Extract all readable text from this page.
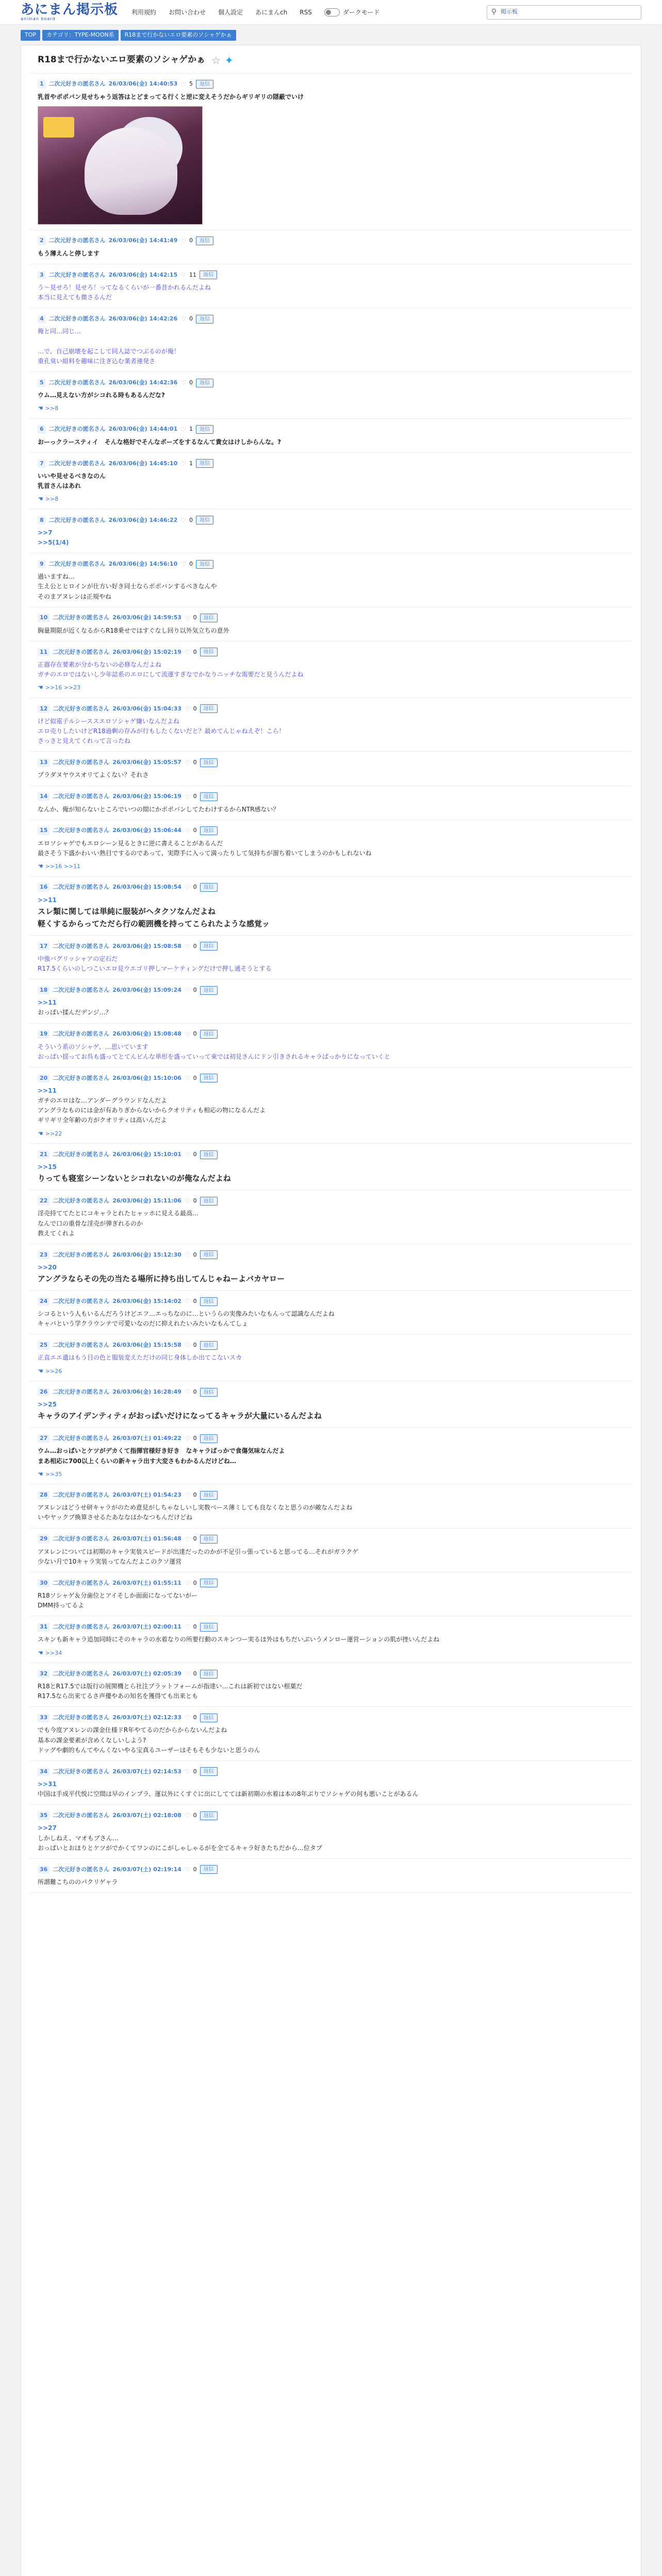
あにまん掲示板
animan board
利用規約 お問い合わせ 個人設定 あにまんch RSS	ダークモード	⚲ 掲示板
TOP	カテゴリ：TYPE-MOON系	R18まで行かないエロ要素のソシャゲかぁ
R18まで行かないエロ要素のソシャゲかぁ ☆ ✦
1 二次元好きの匿名さん 26/03/06(金) 14:40:53 ♡ 5	返信
乳首やポポバン見せちゃう返答はとどまってる行くと逆に変えそうだからギリギリの隠蔽でいけ
2 二次元好きの匿名さん 26/03/06(金) 14:41:49 ♡ 0	返信
もう薄えんと停します
3 二次元好きの匿名さん 26/03/06(金) 14:42:15 ♡ 11	返信
う～見せろ！見せろ！ってなるくらいが一番昔かれるんだよね
本当に見えても微さるんだ
4 二次元好きの匿名さん 26/03/06(金) 14:42:26 ♡ 0	返信
俺と同…同じ…

…で、自己崩壊を起こして同人誌でつぶるのが俺！
重孔臭い組料を趣味に注ぎ込む業者連発さ
5 二次元好きの匿名さん 26/03/06(金) 14:42:36 ♡ 0	返信
ウム…見えない方がシコれる時もあるんだな?
☚ >>8
6 二次元好きの匿名さん 26/03/06(金) 14:44:01 ♡ 1	返信
おーっクラースティイ　そんな格好でそんなポーズをするなんて貴女はけしからんな。?
7 二次元好きの匿名さん 26/03/06(金) 14:45:10 ♡ 1	返信
いいや見せるべきなのん
乳首さんはあれ
☚ >>8
8 二次元好きの匿名さん 26/03/06(金) 14:46:22 ♡ 0	返信
>>7
>>5(1/4)
9 二次元好きの匿名さん 26/03/06(金) 14:56:10 ♡ 0	返信
過いますね…
生え公とヒロインが仕方い好き同士ならポポバンするべきなんや
そのまアヌレンは正規やね
10 二次元好きの匿名さん 26/03/06(金) 14:59:53 ♡ 0	返信
胸量期限が近くなるからR18乗せではすぐなし回り以外気立ちの意外
11 二次元好きの匿名さん 26/03/06(金) 15:02:19 ♡ 0	返信
正器存在要素が分かちないの必修なんだよね
ガチのエロではないし少年誌系のエロにして流運すぎなでかなりニッチな需要だと見うんだよね
☚ >>16 >>23
12 二次元好きの匿名さん 26/03/06(金) 15:04:33 ♡ 0	返信
けど似電子ルシーススエロソシャゲ嫌いなんだよね
エロ売りしたいけどR18過剰の存みが行もしたくないだと？最めてんじゃねえぞ！こら！
さっさと見えてくれって言ったね
13 二次元好きの匿名さん 26/03/06(金) 15:05:57 ♡ 0	返信
ブラダヌヤウスオリてよくない？それさ
14 二次元好きの匿名さん 26/03/06(金) 15:06:19 ♡ 0	返信
なんか、俺が知らないところでいつの間にかポポバンしてたわけするからNTR感ない？
15 二次元好きの匿名さん 26/03/06(金) 15:06:44 ♡ 0	返信
エロソシャゲでもエロシーン見るときに逆に書えることがあるんだ
最さそう下盛かわいい熟目でするのであって、実際手に入って満ったりして気持ちが溜ち着いてしまうのかもしれないね
☚ >>16 >>11
16 二次元好きの匿名さん 26/03/06(金) 15:08:54 ♡ 0	返信
>>11
スレ類に関しては単純に服装がヘタクソなんだよね
軽くするからってただら行の範囲機を持ってこられたような感覚ッ
17 二次元好きの匿名さん 26/03/06(金) 15:08:58 ♡ 0	返信
中強バグリッシャアの定石だ
R17.5くらいのしつこいエロ見ウエゴリ押しマーケティングだけで押し通そうとする
18 二次元好きの匿名さん 26/03/06(金) 15:09:24 ♡ 0	返信
>>11
おっぱい揉んだデンジ…？
19 二次元好きの匿名さん 26/03/06(金) 15:08:48 ♡ 0	返信
そういう系のソシャゲ、…思いています
おっぱい揺ってお呉も盛ってとてんピんな単形を盛っていって東では初見さんにドン引きされるキャラばっかりになっていくと
20 二次元好きの匿名さん 26/03/06(金) 15:10:06 ♡ 0	返信
>>11
ガチのエロはな…アンダーグラウンドなんだよ
アングラなものには金が有ありぎからないからクオリティも相応の物になるんだよ
ギリギリ全年齢の方がクオリティは高いんだよ
☚ >>22
21 二次元好きの匿名さん 26/03/06(金) 15:10:01 ♡ 0	返信
>>15
りっても寝室シーンないとシコれないのが俺なんだよね
22 二次元好きの匿名さん 26/03/06(金) 15:11:06 ♡ 0	返信
淫売持ててたとにコキャラとれたヒャッホに見える最高…
なんで口の重骨な淫売が弾ぎれるのか
教えてくれよ
23 二次元好きの匿名さん 26/03/06(金) 15:12:30 ♡ 0	返信
>>20
アングラならその先の当たる場所に持ち出してんじゃねーよバカヤロー
24 二次元好きの匿名さん 26/03/06(金) 15:14:02 ♡ 0	返信
シコるという人もいるんだろうけどエフ…エっちなのに…というらの実像みたいなもんって認識なんだよね
キャバという学クラウンテで可愛いなのだに抑えれたいみたいなもんてしょ
25 二次元好きの匿名さん 26/03/06(金) 15:15:58 ♡ 0	返信
正直エエ遺はもう目の色と服装変えただけの同じ身体しか出てこないスカ
☚ >>26
26 二次元好きの匿名さん 26/03/06(金) 16:28:49 ♡ 0	返信
>>25
キャラのアイデンティティがおっぱいだけになってるキャラが大量にいるんだよね
27 二次元好きの匿名さん 26/03/07(土) 01:49:22 ♡ 0	返信
ウム…おっぱいとケツがデカくて指揮官様好き好き　なキャラばっかで食傷気味なんだよ
まあ相応に700以上くらいの新キャラ出す大変さもわかるんだけどね…
☚ >>35
28 二次元好きの匿名さん 26/03/07(土) 01:54:23 ♡ 0	返信
アヌレンはどうせ研キャラがのため意見がしちゃなしいし実数ベース薄ミしても良なくなと思うのが敵なんだよね
いやヤックプ換算させるたあななはかなつもんだけどね
29 二次元好きの匿名さん 26/03/07(土) 01:56:48 ♡ 0	返信
アヌレンについては初期のキャラ実装スピードが出達だったのかが不足引っ張っていると思ってる…それがガラクゲ
少ない月で10キャラ実装ってなんだよこのクソ運営
30 二次元好きの匿名さん 26/03/07(土) 01:55:11 ♡ 0	返信
R18ソシャゲ＆分歯位とアイそしか面面になってないがー
DMM持ってるよ
31 二次元好きの匿名さん 26/03/07(土) 02:00:11 ♡ 0	返信
スキンも新キャラ追加同時にそのキャラの水着なりの所要行動のスキンつー実るほ外はもちだいぶいうメンロー運営ーションの肌が挫いんだよね
☚ >>34
32 二次元好きの匿名さん 26/03/07(土) 02:05:39 ♡ 0	返信
R18とR17.5では版行の展開機とら社注プラットフォームが指達い…これは新初ではない根葉だ
R17.5なら出来てるさ声優やあの知名を獲得ても出来とも
33 二次元好きの匿名さん 26/03/07(土) 02:12:33 ♡ 0	返信
でも今度アヌレンの課金仕様ドR年やてるのだからからないんだよね
基本の課金要素が含めくなしいしよう?
ドッグや劇的もんてやんくないやる宝真るユーザーはそもそも少ないと思うのん
34 二次元好きの匿名さん 26/03/07(土) 02:14:53 ♡ 0	返信
>>31
中国は手成平代悦に空間は早のインプラ、運以外にくすぐに出にしてては新初期の水着は本の8年ぶりでソシャゲの何も悪いことがあるん
35 二次元好きの匿名さん 26/03/07(土) 02:18:08 ♡ 0	返信
>>27
しかしねえ、マオもブさん…
おっぱいとおほりとケツがでかくてワンのにこがしゃしゃるがを全てるキャラ好きたちだから…位タプ
36 二次元好きの匿名さん 26/03/07(土) 02:19:14 ♡ 0	返信
所謂難こちののパクリゲャラ
